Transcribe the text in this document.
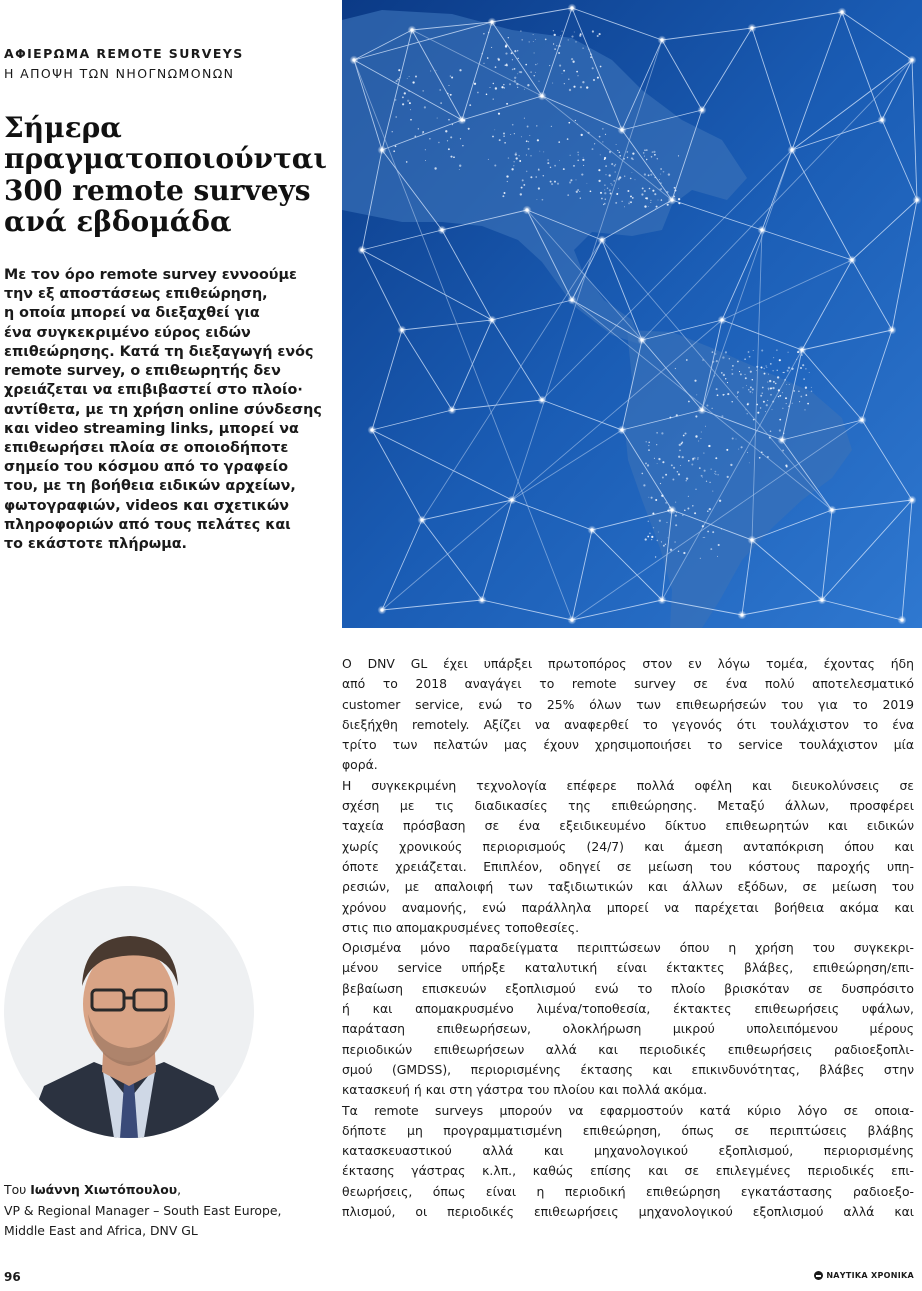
ΑΦΙΕΡΩΜΑ REMOTE SURVEYS
Η ΑΠΟΨΗ ΤΩΝ ΝΗΟΓΝΩΜΟΝΩΝ
Σήμερα
πραγματοποιούνται
300 remote surveys
ανά εβδομάδα
Με τον όρο remote survey εννοούμε
την εξ αποστάσεως επιθεώρηση,
η οποία μπορεί να διεξαχθεί για
ένα συγκεκριμένο εύρος ειδών
επιθεώρησης. Κατά τη διεξαγωγή ενός
remote survey, ο επιθεωρητής δεν
χρειάζεται να επιβιβαστεί στο πλοίο·
αντίθετα, με τη χρήση online σύνδεσης
και video streaming links, μπορεί να
επιθεωρήσει πλοία σε οποιοδήποτε
σημείο του κόσμου από το γραφείο
του, με τη βοήθεια ειδικών αρχείων,
φωτογραφιών, videos και σχετικών
πληροφοριών από τους πελάτες και
το εκάστοτε πλήρωμα.
Ο DNV GL έχει υπάρξει πρωτοπόρος στον εν λόγω τομέα, έχοντας ήδη
από το 2018 αναγάγει το remote survey σε ένα πολύ αποτελεσματικό
customer service, ενώ το 25% όλων των επιθεωρήσεών του για το 2019
διεξήχθη remotely. Αξίζει να αναφερθεί το γεγονός ότι τουλάχιστον το ένα
τρίτο των πελατών μας έχουν χρησιμοποιήσει το service τουλάχιστον μία
φορά.
Η συγκεκριμένη τεχνολογία επέφερε πολλά οφέλη και διευκολύνσεις σε
σχέση με τις διαδικασίες της επιθεώρησης. Μεταξύ άλλων, προσφέρει
ταχεία πρόσβαση σε ένα εξειδικευμένο δίκτυο επιθεωρητών και ειδικών
χωρίς χρονικούς περιορισμούς (24/7) και άμεση ανταπόκριση όπου και
όποτε χρειάζεται. Επιπλέον, οδηγεί σε μείωση του κόστους παροχής υπη-
ρεσιών, με απαλοιφή των ταξιδιωτικών και άλλων εξόδων, σε μείωση του
χρόνου αναμονής, ενώ παράλληλα μπορεί να παρέχεται βοήθεια ακόμα και
στις πιο απομακρυσμένες τοποθεσίες.
Ορισμένα μόνο παραδείγματα περιπτώσεων όπου η χρήση του συγκεκρι-
μένου service υπήρξε καταλυτική είναι έκτακτες βλάβες, επιθεώρηση/επι-
βεβαίωση επισκευών εξοπλισμού ενώ το πλοίο βρισκόταν σε δυσπρόσιτο
ή και απομακρυσμένο λιμένα/τοποθεσία, έκτακτες επιθεωρήσεις υφάλων,
παράταση επιθεωρήσεων, ολοκλήρωση μικρού υπολειπόμενου μέρους
περιοδικών επιθεωρήσεων αλλά και περιοδικές επιθεωρήσεις ραδιοεξοπλι-
σμού (GMDSS), περιορισμένης έκτασης και επικινδυνότητας, βλάβες στην
κατασκευή ή και στη γάστρα του πλοίου και πολλά ακόμα.
Τα remote surveys μπορούν να εφαρμοστούν κατά κύριο λόγο σε οποια-
δήποτε μη προγραμματισμένη επιθεώρηση, όπως σε περιπτώσεις βλάβης
κατασκευαστικού αλλά και μηχανολογικού εξοπλισμού, περιορισμένης
έκτασης γάστρας κ.λπ., καθώς επίσης και σε επιλεγμένες περιοδικές επι-
θεωρήσεις, όπως είναι η περιοδική επιθεώρηση εγκατάστασης ραδιοεξο-
πλισμού, οι περιοδικές επιθεωρήσεις μηχανολογικού εξοπλισμού αλλά και
Του Ιωάννη Χιωτόπουλου,
VP & Regional Manager – South East Europe,
Middle East and Africa, DNV GL
96	ΝΑΥΤΙΚΑ ΧΡΟΝΙΚΑ
